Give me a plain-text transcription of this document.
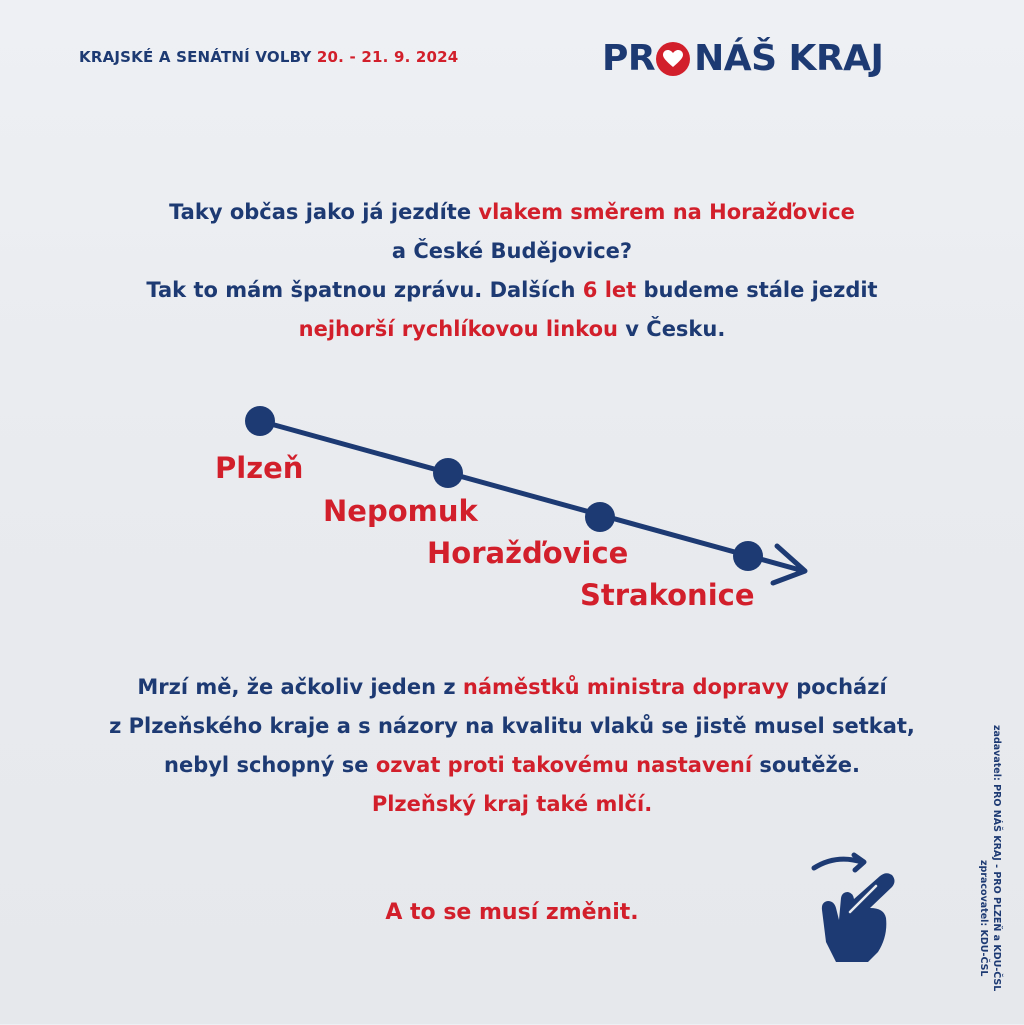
KRAJSKÉ A SENÁTNÍ VOLBY 20. - 21. 9. 2024	PR NÁŠ KRAJ
Taky občas jako já jezdíte vlakem směrem na Horažďovice
a České Budějovice?
Tak to mám špatnou zprávu. Dalších 6 let budeme stále jezdit
nejhorší rychlíkovou linkou v Česku.
Plzeň
Nepomuk
Horažďovice
Strakonice
Mrzí mě, že ačkoliv jeden z náměstků ministra dopravy pochází
z Plzeňského kraje a s názory na kvalitu vlaků se jistě musel setkat,
nebyl schopný se ozvat proti takovému nastavení soutěže.
Plzeňský kraj také mlčí.
A to se musí změnit.	zadavatel: PRO NÁŠ KRAJ - PRO PLZEŇ a KDU-ČSL
zpracovatel: KDU-ČSL
